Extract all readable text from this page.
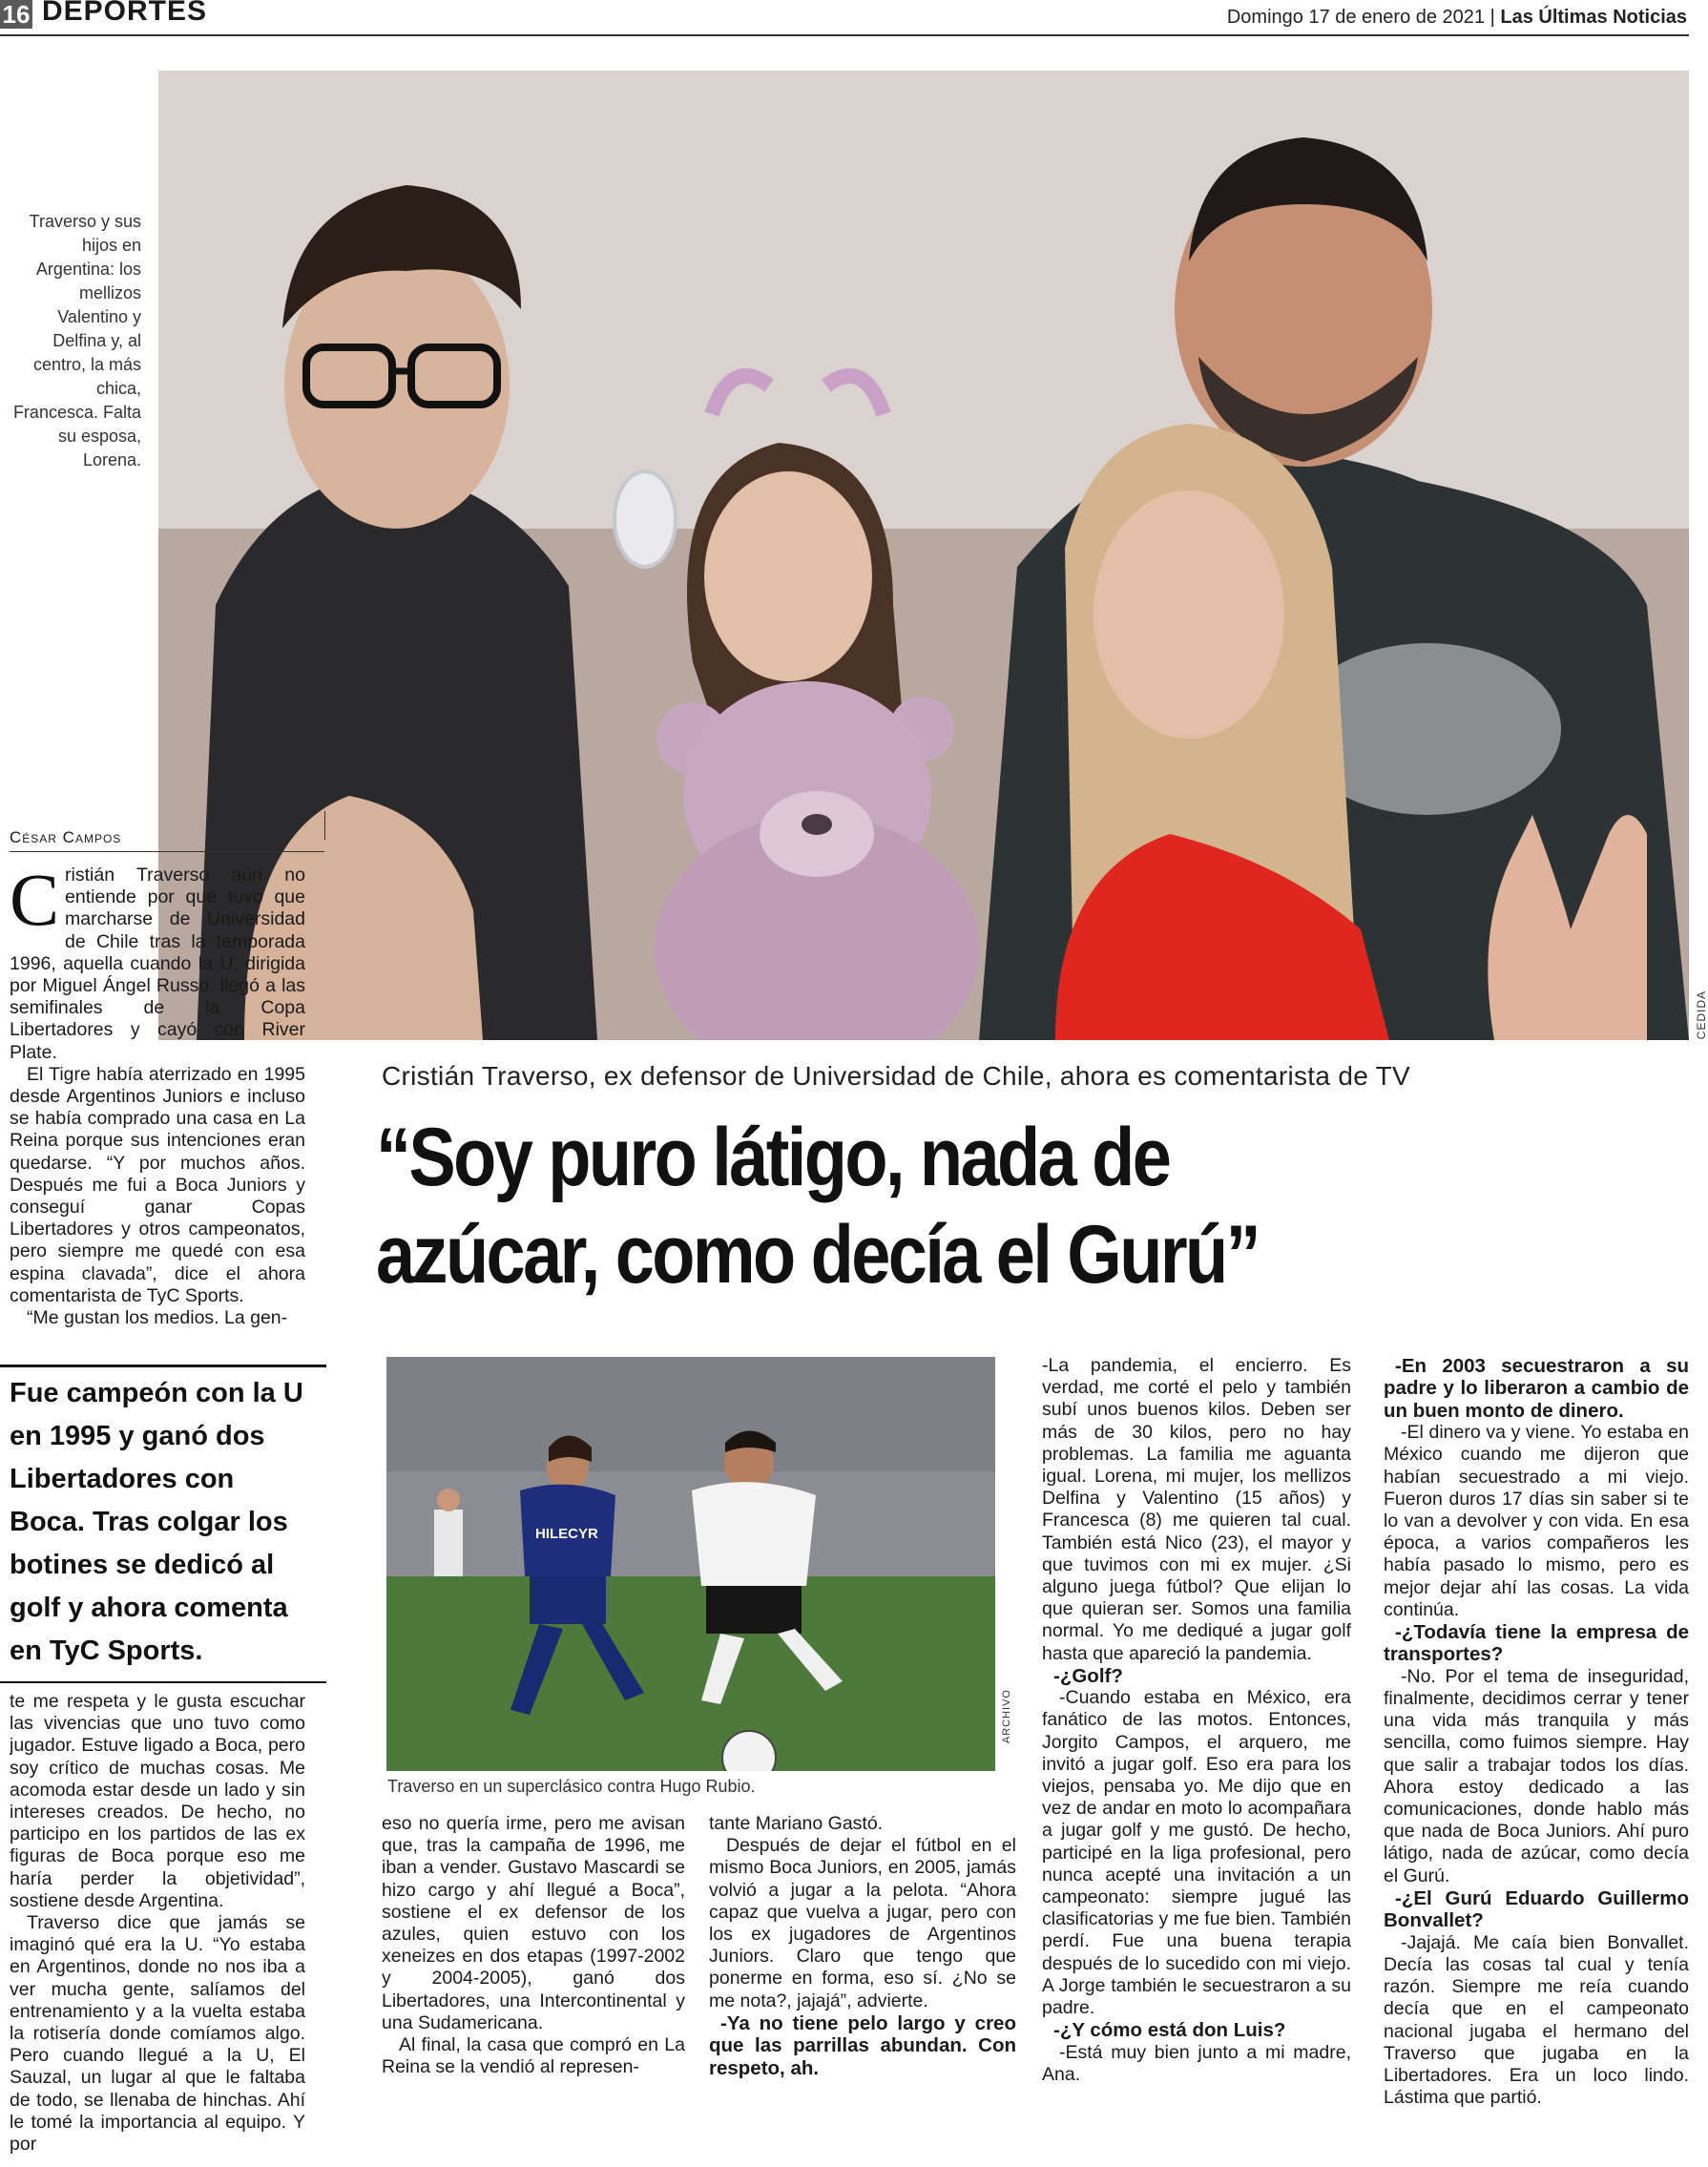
16 DEPORTES	Domingo 17 de enero de 2021 | Las Últimas Noticias
CEDIDA
Traverso y sus hijos en Argentina: los mellizos Valentino y Delfina y, al centro, la más chica, Francesca. Falta su esposa, Lorena.
César Campos

Cristián Traverso aún no entiende por qué tuvo que marcharse de Universidad de Chile tras la temporada 1996, aquella cuando la U, dirigida por Miguel Ángel Russo, llegó a las semifinales de la Copa Libertadores y cayó con River Plate.

El Tigre había aterrizado en 1995 desde Argentinos Juniors e incluso se había comprado una casa en La Reina porque sus intenciones eran quedarse. “Y por muchos años. Después me fui a Boca Juniors y conseguí ganar Copas Libertadores y otros campeonatos, pero siempre me quedé con esa espina clavada”, dice el ahora comentarista de TyC Sports.

“Me gustan los medios. La gen-

Fue campeón con la U en 1995 y ganó dos Libertadores con Boca. Tras colgar los botines se dedicó al golf y ahora comenta en TyC Sports.

te me respeta y le gusta escuchar las vivencias que uno tuvo como jugador. Estuve ligado a Boca, pero soy crítico de muchas cosas. Me acomoda estar desde un lado y sin intereses creados. De hecho, no participo en los partidos de las ex figuras de Boca porque eso me haría perder la objetividad”, sostiene desde Argentina.

Traverso dice que jamás se imaginó qué era la U. “Yo estaba en Argentinos, donde no nos iba a ver mucha gente, salíamos del entrenamiento y a la vuelta estaba la rotisería donde comíamos algo. Pero cuando llegué a la U, El Sauzal, un lugar al que le faltaba de todo, se llenaba de hinchas. Ahí le tomé la importancia al equipo. Y por

Cristián Traverso, ex defensor de Universidad de Chile, ahora es comentarista de TV
“Soy puro látigo, nada de
azúcar, como decía el Gurú”
HILECYR
ARCHIVO
Traverso en un superclásico contra Hugo Rubio.

eso no quería irme, pero me avisan que, tras la campaña de 1996, me iban a vender. Gustavo Mascardi se hizo cargo y ahí llegué a Boca”, sostiene el ex defensor de los azules, quien estuvo con los xeneizes en dos etapas (1997-2002 y 2004-2005), ganó dos Libertadores, una Intercontinental y una Sudamericana.

Al final, la casa que compró en La Reina se la vendió al represen-

tante Mariano Gastó.

Después de dejar el fútbol en el mismo Boca Juniors, en 2005, jamás volvió a jugar a la pelota. “Ahora capaz que vuelva a jugar, pero con los ex jugadores de Argentinos Juniors. Claro que tengo que ponerme en forma, eso sí. ¿No se me nota?, jajajá”, advierte.

-Ya no tiene pelo largo y creo que las parrillas abundan. Con respeto, ah.

-La pandemia, el encierro. Es verdad, me corté el pelo y también subí unos buenos kilos. Deben ser más de 30 kilos, pero no hay problemas. La familia me aguanta igual. Lorena, mi mujer, los mellizos Delfina y Valentino (15 años) y Francesca (8) me quieren tal cual. También está Nico (23), el mayor y que tuvimos con mi ex mujer. ¿Si alguno juega fútbol? Que elijan lo que quieran ser. Somos una familia normal. Yo me dediqué a jugar golf hasta que apareció la pandemia.

-¿Golf?

-Cuando estaba en México, era fanático de las motos. Entonces, Jorgito Campos, el arquero, me invitó a jugar golf. Eso era para los viejos, pensaba yo. Me dijo que en vez de andar en moto lo acompañara a jugar golf y me gustó. De hecho, participé en la liga profesional, pero nunca acepté una invitación a un campeonato: siempre jugué las clasificatorias y me fue bien. También perdí. Fue una buena terapia después de lo sucedido con mi viejo. A Jorge también le secuestraron a su padre.

-¿Y cómo está don Luis?

-Está muy bien junto a mi madre, Ana.

-En 2003 secuestraron a su padre y lo liberaron a cambio de un buen monto de dinero.

-El dinero va y viene. Yo estaba en México cuando me dijeron que habían secuestrado a mi viejo. Fueron duros 17 días sin saber si te lo van a devolver y con vida. En esa época, a varios compañeros les había pasado lo mismo, pero es mejor dejar ahí las cosas. La vida continúa.

-¿Todavía tiene la empresa de transportes?

-No. Por el tema de inseguridad, finalmente, decidimos cerrar y tener una vida más tranquila y más sencilla, como fuimos siempre. Hay que salir a trabajar todos los días. Ahora estoy dedicado a las comunicaciones, donde hablo más que nada de Boca Juniors. Ahí puro látigo, nada de azúcar, como decía el Gurú.

-¿El Gurú Eduardo Guillermo Bonvallet?

-Jajajá. Me caía bien Bonvallet. Decía las cosas tal cual y tenía razón. Siempre me reía cuando decía que en el campeonato nacional jugaba el hermano del Traverso que jugaba en la Libertadores. Era un loco lindo. Lástima que partió.
